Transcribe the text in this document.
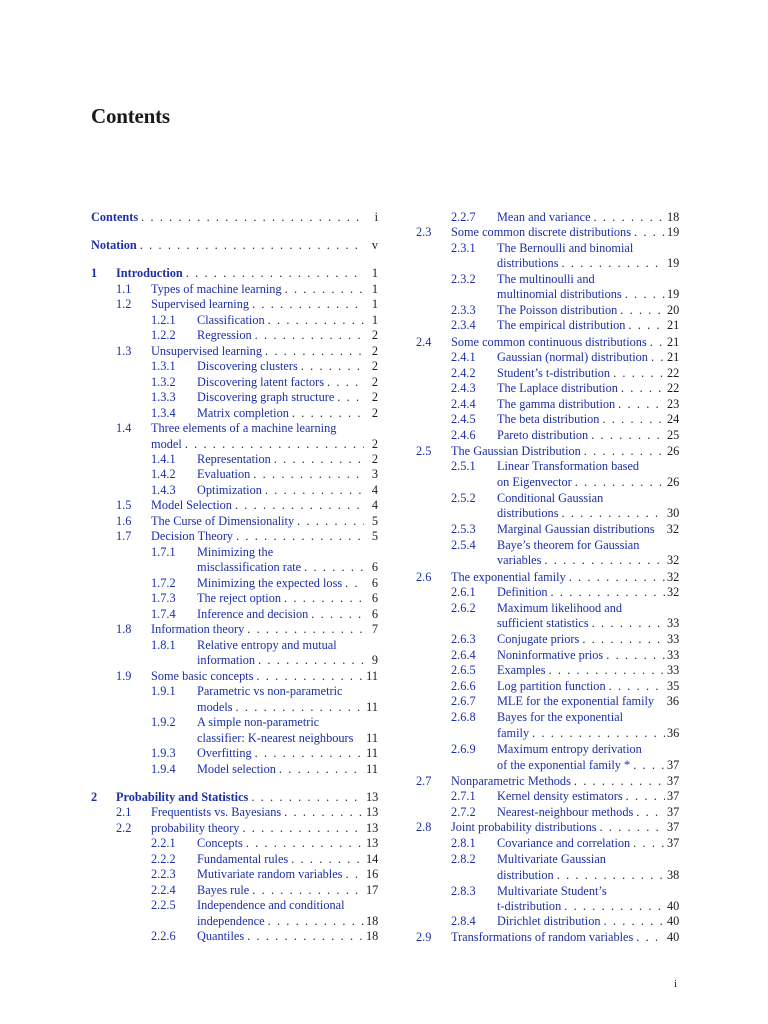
Contents
Contents . . .	i
Notation . . .	v
1 Introduction . . .	1
1.1 Types of machine learning . . .	1
1.2 Supervised learning . . .	1
1.2.1 Classification . . .	1
1.2.2 Regression . . .	2
1.3 Unsupervised learning . . .	2
1.3.1 Discovering clusters . . .	2
1.3.2 Discovering latent factors . . .	2
1.3.3 Discovering graph structure . . .	2
1.3.4 Matrix completion . . .	2
1.4 Three elements of a machine learning
model . . .	2
1.4.1 Representation . . .	2
1.4.2 Evaluation . . .	3
1.4.3 Optimization . . .	4
1.5 Model Selection . . .	4
1.6 The Curse of Dimensionality . . .	5
1.7 Decision Theory . . .	5
1.7.1 Minimizing the
misclassification rate . . .	6
1.7.2 Minimizing the expected loss . . .	6
1.7.3 The reject option . . .	6
1.7.4 Inference and decision . . .	6
1.8 Information theory . . .	7
1.8.1 Relative entropy and mutual
information . . .	9
1.9 Some basic concepts . . .	11
1.9.1 Parametric vs non-parametric
models . . .	11
1.9.2 A simple non-parametric
classifier: K-nearest neighbours 11
1.9.3 Overfitting . . .	11
1.9.4 Model selection . . .	11
2 Probability and Statistics . . .	13
2.1 Frequentists vs. Bayesians . . .	13
2.2 probability theory . . .	13
2.2.1 Concepts . . .	13
2.2.2 Fundamental rules . . .	14
2.2.3 Mutivariate random variables . . . 16
2.2.4 Bayes rule . . .	17
2.2.5 Independence and conditional
independence . . .	18
2.2.6 Quantiles . . .	18
2.2.7 Mean and variance . . .	18
2.3 Some common discrete distributions . . .	19
2.3.1 The Bernoulli and binomial
distributions . . .	19
2.3.2 The multinoulli and
multinomial distributions . . .	19
2.3.3 The Poisson distribution . . .	20
2.3.4 The empirical distribution . . .	21
2.4 Some common continuous distributions . . . 21
2.4.1 Gaussian (normal) distribution . . . 21
2.4.2 Student’s t-distribution . . .	22
2.4.3 The Laplace distribution . . .	22
2.4.4 The gamma distribution . . .	23
2.4.5 The beta distribution . . .	24
2.4.6 Pareto distribution . . .	25
2.5 The Gaussian Distribution . . .	26
2.5.1 Linear Transformation based
on Eigenvector . . .	26
2.5.2 Conditional Gaussian
distributions . . .	30
2.5.3 Marginal Gaussian distributions 32
2.5.4 Baye’s theorem for Gaussian
variables . . .	32
2.6 The exponential family . . .	32
2.6.1 Definition . . .	32
2.6.2 Maximum likelihood and
sufficient statistics . . .	33
2.6.3 Conjugate priors . . .	33
2.6.4 Noninformative prios . . .	33
2.6.5 Examples . . .	33
2.6.6 Log partition function . . .	35
2.6.7 MLE for the exponential family 36
2.6.8 Bayes for the exponential
family . . .	36
2.6.9 Maximum entropy derivation
of the exponential family * . . .	37
2.7 Nonparametric Methods . . .	37
2.7.1 Kernel density estimators . . .	37
2.7.2 Nearest-neighbour methods . . .	37
2.8 Joint probability distributions . . .	37
2.8.1 Covariance and correlation . . .	37
2.8.2 Multivariate Gaussian
distribution . . .	38
2.8.3 Multivariate Student’s
t-distribution . . .	40
2.8.4 Dirichlet distribution . . .	40
2.9 Transformations of random variables . . .	40
i
